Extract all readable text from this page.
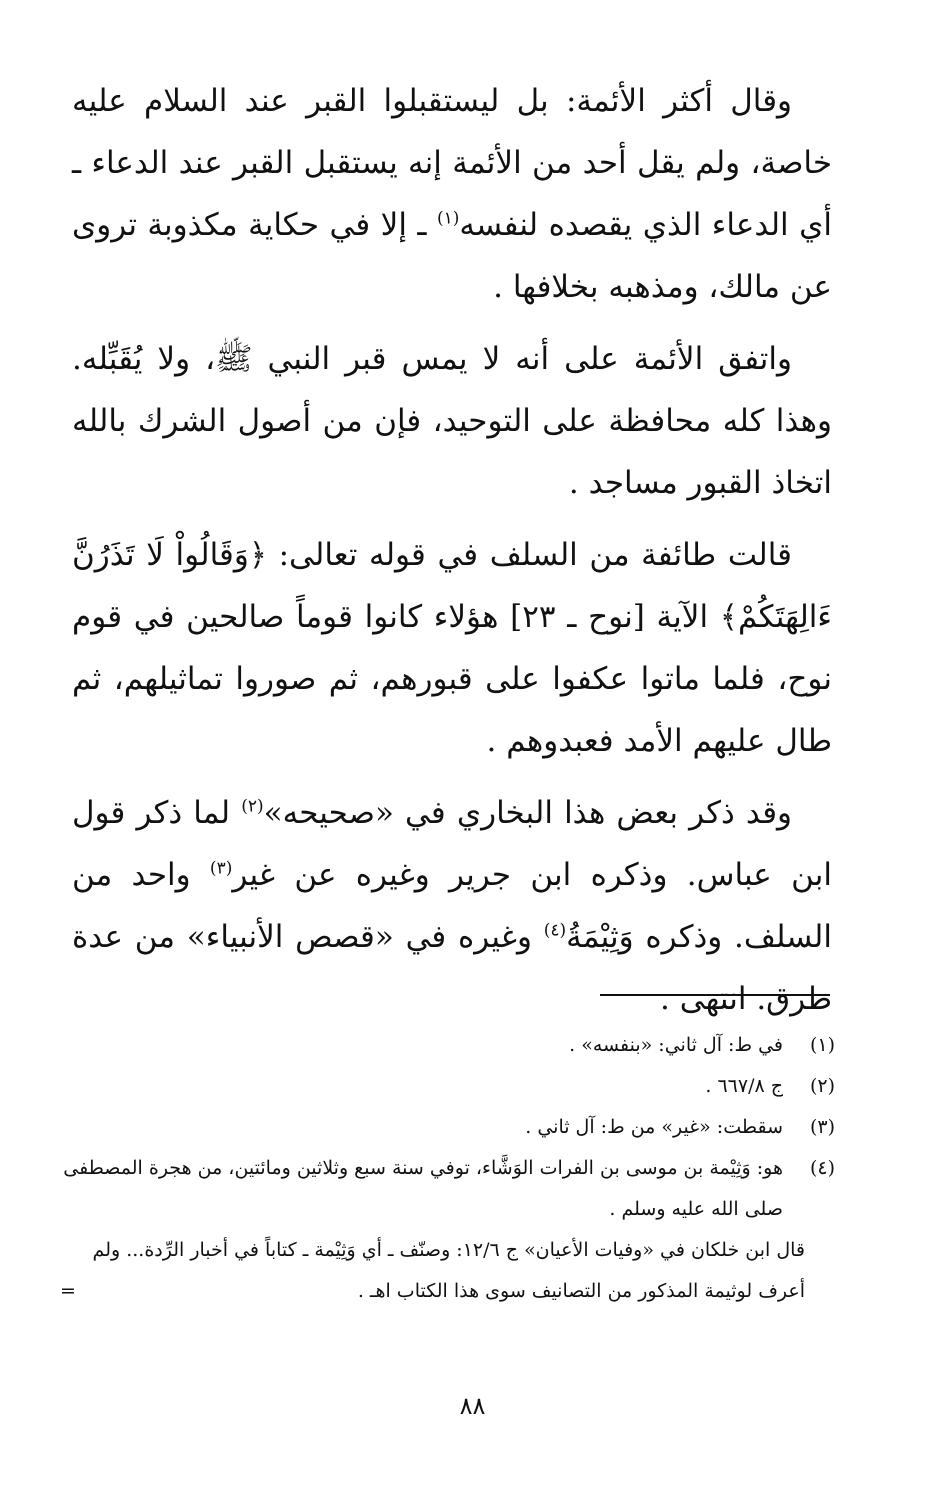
وقال أكثر الأئمة: بل ليستقبلوا القبر عند السلام عليه خاصة، ولم يقل أحد من الأئمة إنه يستقبل القبر عند الدعاء ـ أي الدعاء الذي يقصده لنفسه$^{(١)}$ ـ إلا في حكاية مكذوبة تروى عن مالك، ومذهبه بخلافها .

واتفق الأئمة على أنه لا يمس قبر النبي ﷺ، ولا يُقَبِّله. وهذا كله محافظة على التوحيد، فإن من أصول الشرك بالله اتخاذ القبور مساجد .

قالت طائفة من السلف في قوله تعالى: ﴿وَقَالُواْ لَا تَذَرُنَّ ءَالِهَتَكُمْ﴾ الآية [نوح ـ ٢٣] هؤلاء كانوا قوماً صالحين في قوم نوح، فلما ماتوا عكفوا على قبورهم، ثم صوروا تماثيلهم، ثم طال عليهم الأمد فعبدوهم .

وقد ذكر بعض هذا البخاري في «صحيحه»$^{(٢)}$ لما ذكر قول ابن عباس. وذكره ابن جرير وغيره عن غير$^{(٣)}$ واحد من السلف. وذكره وَثِيْمَةُ$^{(٤)}$ وغيره في «قصص الأنبياء» من عدة طرق. انتهى .

(١)
في ط: آل ثاني: «بنفسه» .
(٢)
ج ٦٦٧/٨ .
(٣)
سقطت: «غير» من ط: آل ثاني .
(٤)
هو: وَثِيْمة بن موسى بن الفرات الوَشَّاء، توفي سنة سبع وثلاثين ومائتين، من هجرة المصطفى صلى الله عليه وسلم .
قال ابن خلكان في «وفيات الأعيان» ج ١٢/٦: وصنّف ـ أي وَثِيْمة ـ كتاباً في أخبار الرِّدة... ولم أعرف لوثيمة المذكور من التصانيف سوى هذا الكتاب اهـ .
=
٨٨
